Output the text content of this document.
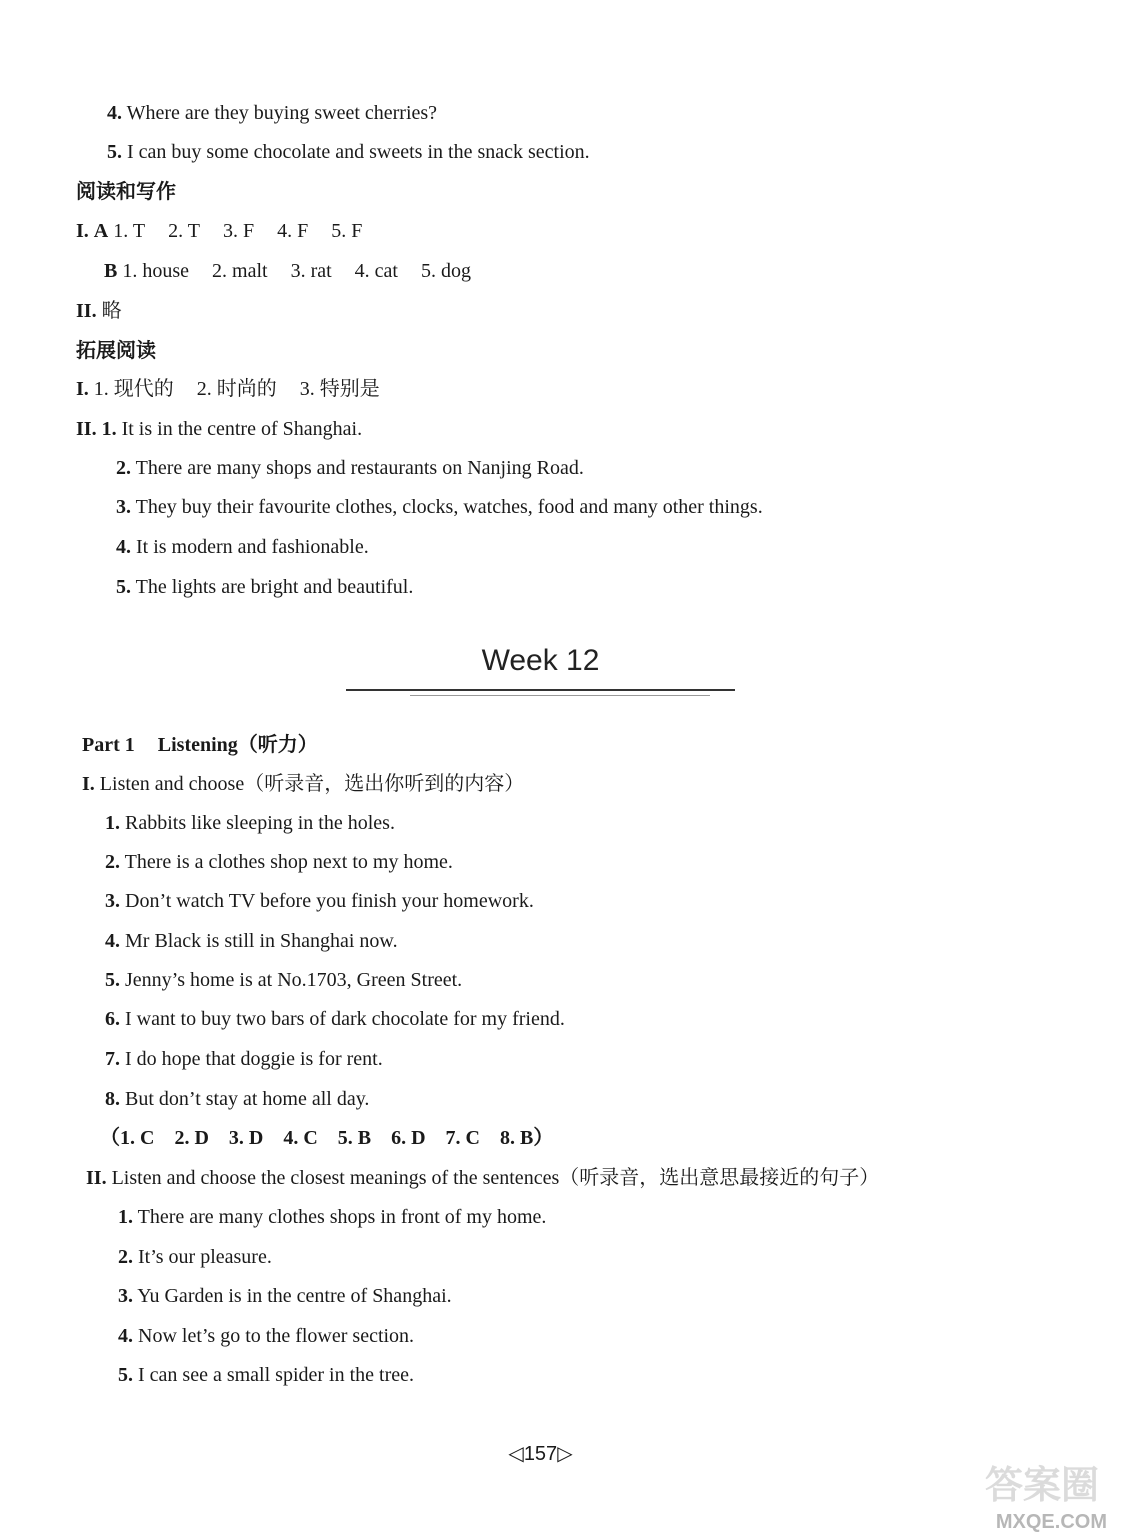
4. Where are they buying sweet cherries?
5. I can buy some chocolate and sweets in the snack section.
阅读和写作
I. A 1. T 2. T 3. F 4. F 5. F
B 1. house 2. malt 3. rat 4. cat 5. dog
II. 略
拓展阅读
I. 1. 现代的 2. 时尚的 3. 特别是
II. 1. It is in the centre of Shanghai.
2. There are many shops and restaurants on Nanjing Road.
3. They buy their favourite clothes, clocks, watches, food and many other things.
4. It is modern and fashionable.
5. The lights are bright and beautiful.
Week 12
Part 1 Listening（听力）
I. Listen and choose（听录音，选出你听到的内容）
1. Rabbits like sleeping in the holes.
2. There is a clothes shop next to my home.
3. Don’t watch TV before you finish your homework.
4. Mr Black is still in Shanghai now.
5. Jenny’s home is at No.1703, Green Street.
6. I want to buy two bars of dark chocolate for my friend.
7. I do hope that doggie is for rent.
8. But don’t stay at home all day.
（1. C　2. D　3. D　4. C　5. B　6. D　7. C　8. B）
II. Listen and choose the closest meanings of the sentences（听录音，选出意思最接近的句子）
1. There are many clothes shops in front of my home.
2. It’s our pleasure.
3. Yu Garden is in the centre of Shanghai.
4. Now let’s go to the flower section.
5. I can see a small spider in the tree.
◁157▷
答案圈
MXQE.COM
